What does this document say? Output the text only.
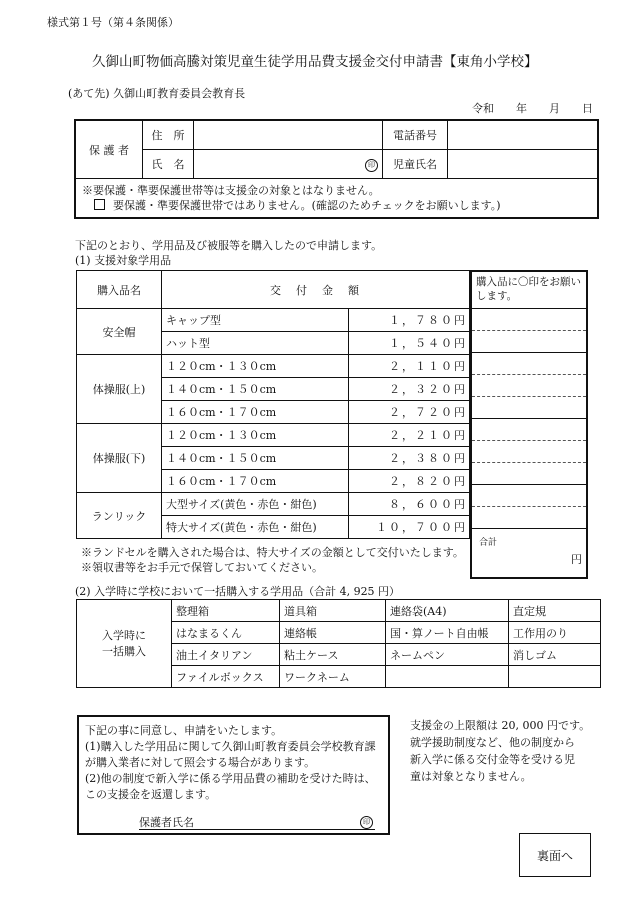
様式第１号（第４条関係）
久御山町物価高騰対策児童生徒学用品費支援金交付申請書【東角小学校】
(あて先) 久御山町教育委員会教育長
令和　　年　　月　　日
保 護 者	住　所		電話番号	
	氏　名	印	児童氏名	

※要保護・準要保護世帯等は支援金の対象とはなりません。
要保護・準要保護世帯ではありません。(確認のためチェックをお願いします。)				
下記のとおり、学用品及び被服等を購入したので申請します。
(1) 支援対象学用品
購入品名	交　付　金　額	
安全帽	キャップ型	１，７８０円
	ハット型	１，５４０円
体操服(上)	１２０cm・１３０cm	２，１１０円
	１４０cm・１５０cm	２，３２０円
	１６０cm・１７０cm	２，７２０円
体操服(下)	１２０cm・１３０cm	２，２１０円
	１４０cm・１５０cm	２，３８０円
	１６０cm・１７０cm	２，８２０円
ランリック	大型サイズ(黄色・赤色・紺色)	８，６００円
	特大サイズ(黄色・赤色・紺色)	１０，７００円
購入品に〇印をお願いします。
合計
円
※ランドセルを購入された場合は、特大サイズの金額として交付いたします。
※領収書等をお手元で保管しておいてください。
(2) 入学時に学校において一括購入する学用品（合計 4, 925 円）
入学時に
一括購入	整理箱	道具箱	連絡袋(A4)	直定規
	はなまるくん	連絡帳	国・算ノート自由帳	工作用のり
	油土イタリアン	粘土ケース	ネームペン	消しゴム
	ファイルボックス	ワークネーム		
下記の事に同意し、申請をいたします。
(1)購入した学用品に関して久御山町教育委員会学校教育課
が購入業者に対して照会する場合があります。
(2)他の制度で新入学に係る学用品費の補助を受けた時は、
この支援金を返還します。
保護者氏名	印
支援金の上限額は 20, 000 円です。
就学援助制度など、他の制度から
新入学に係る交付金等を受ける児
童は対象となりません。
裏面へ
